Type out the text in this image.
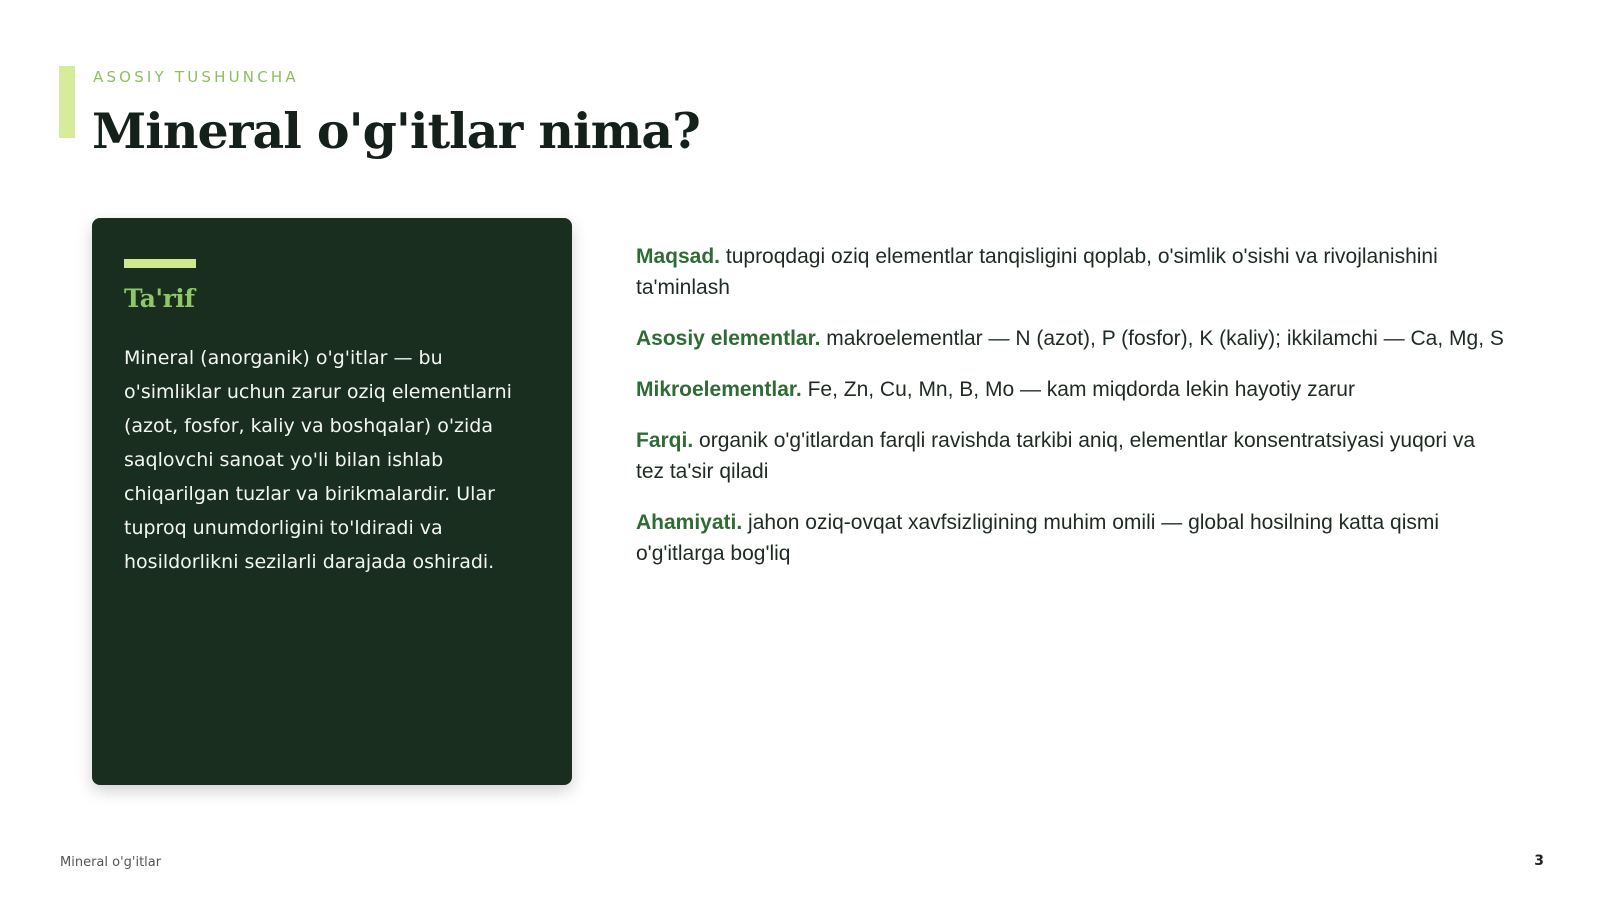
ASOSIY TUSHUNCHA
Mineral o'g'itlar nima?
Ta'rif
Mineral (anorganik) o'g'itlar — bu o'simliklar uchun zarur oziq elementlarni (azot, fosfor, kaliy va boshqalar) o'zida saqlovchi sanoat yo'li bilan ishlab chiqarilgan tuzlar va birikmalardir. Ular tuproq unumdorligini to'ldiradi va hosildorlikni sezilarli darajada oshiradi.

Maqsad. tuproqdagi oziq elementlar tanqisligini qoplab, o'simlik o'sishi va rivojlanishini ta'minlash

Asosiy elementlar. makroelementlar — N (azot), P (fosfor), K (kaliy); ikkilamchi — Ca, Mg, S

Mikroelementlar. Fe, Zn, Cu, Mn, B, Mo — kam miqdorda lekin hayotiy zarur

Farqi. organik o'g'itlardan farqli ravishda tarkibi aniq, elementlar konsentratsiyasi yuqori va tez ta'sir qiladi

Ahamiyati. jahon oziq-ovqat xavfsizligining muhim omili — global hosilning katta qismi o'g'itlarga bog'liq

Mineral o'g'itlar	3
